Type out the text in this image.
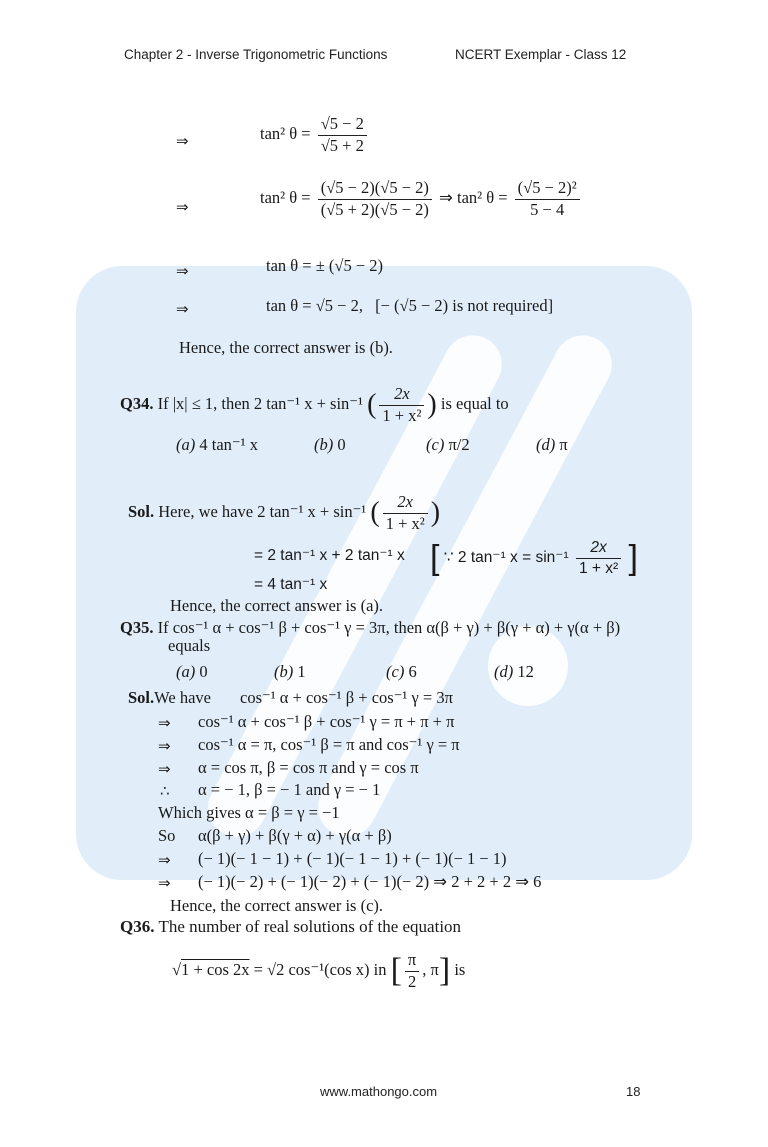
Chapter 2 - Inverse Trigonometric Functions	NCERT Exemplar - Class 12
⇒	tan² $\theta = \frac{√5 - 2}{√5 + 2}$
⇒
tan² $\theta = \frac{(√5 - 2)(√5 - 2)}{(√5 + 2)(√5 - 2)}$ ⇒ tan² $\theta = \frac{\text{(√5 − 2)²}}{5 - 4}$
⇒	tan θ = ± (√5 − 2)
⇒	tan θ = √5 − 2, [− (√5 − 2) is not required]
Hence, the correct answer is (b).
Q34. If |x| ≤ 1, then 2 tan⁻¹ x + sin⁻¹ ( $\frac{2x}{\text{1 + x²}}$ ) is equal to
(a) 4 tan⁻¹ x	(b) 0	(c) π/2	(d) π
Sol. Here, we have 2 tan⁻¹ x + sin⁻¹ ( $\frac{2x}{\text{1 + x²}}$ )
= 2 tan⁻¹ x + 2 tan⁻¹ x [ ∵ 2 tan⁻¹ $x = \sin^{-1} \frac{2x}{\text{1 + x²}}$ ]
= 4 tan⁻¹ x
Hence, the correct answer is (a).
Q35. If cos⁻¹ α + cos⁻¹ β + cos⁻¹ γ = 3π, then α(β + γ) + β(γ + α) + γ(α + β)
equals
(a) 0	(b) 1	(c) 6	(d) 12
Sol.We have cos⁻¹ α + cos⁻¹ β + cos⁻¹ γ = 3π
⇒ cos⁻¹ α + cos⁻¹ β + cos⁻¹ γ = π + π + π
⇒ cos⁻¹ α = π, cos⁻¹ β = π and cos⁻¹ γ = π
⇒ α = cos π, β = cos π and γ = cos π
∴ α = − 1, β = − 1 and γ = − 1
Which gives α = β = γ = −1
So α(β + γ) + β(γ + α) + γ(α + β)
⇒ (− 1)(− 1 − 1) + (− 1)(− 1 − 1) + (− 1)(− 1 − 1)
⇒ (− 1)(− 2) + (− 1)(− 2) + (− 1)(− 2) ⇒ 2 + 2 + 2 ⇒ 6
Hence, the correct answer is (c).
Q36. The number of real solutions of the equation
√1 + cos 2x = √2 cos⁻¹(cos x) in [ $\frac{\pi}{2}$ , π] is
www.mathongo.com	18
